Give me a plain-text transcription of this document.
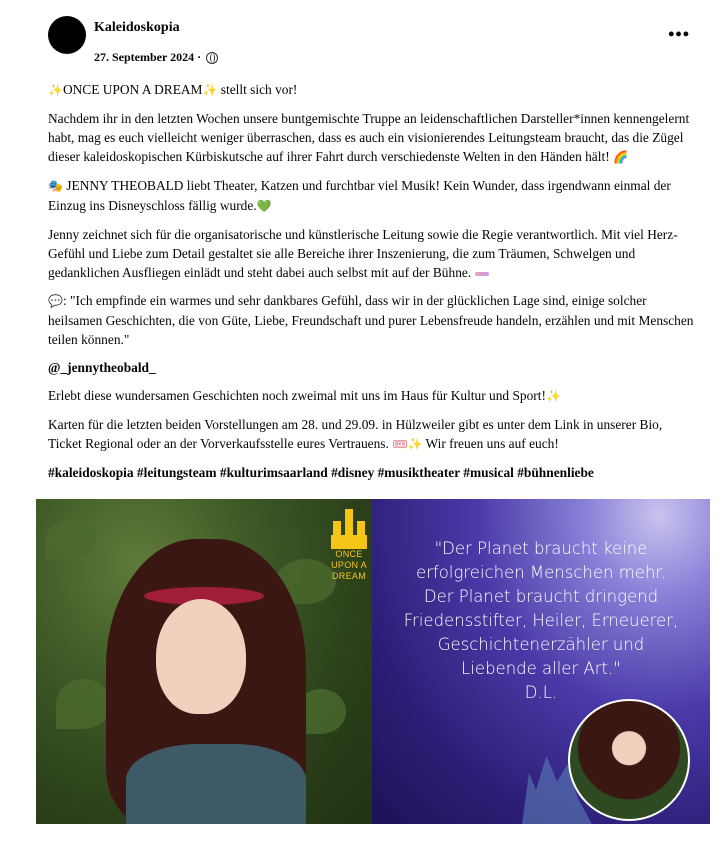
Kaleidoskopia
27. September 2024 ·
•••

✨ONCE UPON A DREAM✨ stellt sich vor!

Nachdem ihr in den letzten Wochen unsere buntgemischte Truppe an leidenschaftlichen Darsteller*innen kennengelernt habt, mag es euch vielleicht weniger überraschen, dass es auch ein visionierendes Leitungsteam braucht, das die Zügel dieser kaleidoskopischen Kürbiskutsche auf ihrer Fahrt durch verschiedenste Welten in den Händen hält! 🌈

🎭 JENNY THEOBALD liebt Theater, Katzen und furchtbar viel Musik! Kein Wunder, dass irgendwann einmal der Einzug ins Disneyschloss fällig wurde.💚

Jenny zeichnet sich für die organisatorische und künstlerische Leitung sowie die Regie verantwortlich. Mit viel Herz-Gefühl und Liebe zum Detail gestaltet sie alle Bereiche ihrer Inszenierung, die zum Träumen, Schwelgen und gedanklichen Ausfliegen einlädt und steht dabei auch selbst mit auf der Bühne.

💬: "Ich empfinde ein warmes und sehr dankbares Gefühl, dass wir in der glücklichen Lage sind, einige solcher heilsamen Geschichten, die von Güte, Liebe, Freundschaft und purer Lebensfreude handeln, erzählen und mit Menschen teilen können."

@_jennytheobald_

Erlebt diese wundersamen Geschichten noch zweimal mit uns im Haus für Kultur und Sport!✨

Karten für die letzten beiden Vorstellungen am 28. und 29.09. in Hülzweiler gibt es unter dem Link in unserer Bio, Ticket Regional oder an der Vorverkaufsstelle eures Vertrauens. 🎟✨ Wir freuen uns auf euch!

#kaleidoskopia #leitungsteam #kulturimsaarland #disney #musiktheater #musical #bühnenliebe

ONCE
UPON A
DREAM
"Der Planet braucht keine
erfolgreichen Menschen mehr.
Der Planet braucht dringend
Friedensstifter, Heiler, Erneuerer,
Geschichtenerzähler und
Liebende aller Art."
D.L.
